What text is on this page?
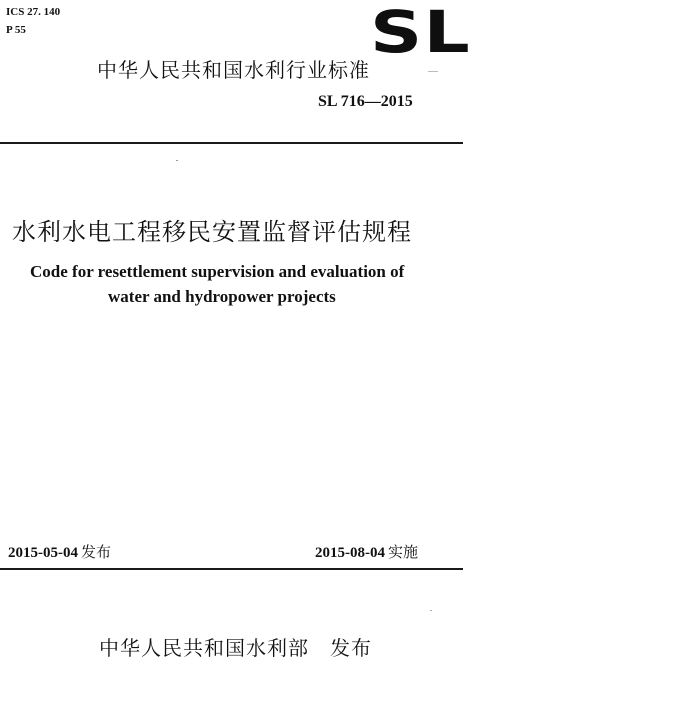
ICS 27. 140
P 55	SL
中华人民共和国水利行业标准
SL 716—2015
水利水电工程移民安置监督评估规程
Code for resettlement supervision and evaluation of
water and hydropower projects
2015-05-04 发布	2015-08-04 实施
中华人民共和国水利部　发布
